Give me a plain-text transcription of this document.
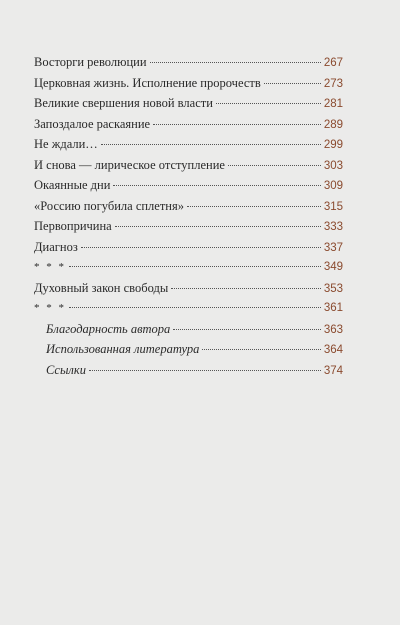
Восторги революции	267
Церковная жизнь. Исполнение пророчеств	273
Великие свершения новой власти	281
Запоздалое раскаяние	289
Не ждали…	299
И снова — лирическое отступление	303
Окаянные дни	309
«Россию погубила сплетня»	315
Первопричина	333
Диагноз	337
* * *	349
Духовный закон свободы	353
* * *	361
Благодарность автора	363
Использованная литература	364
Ссылки	374
